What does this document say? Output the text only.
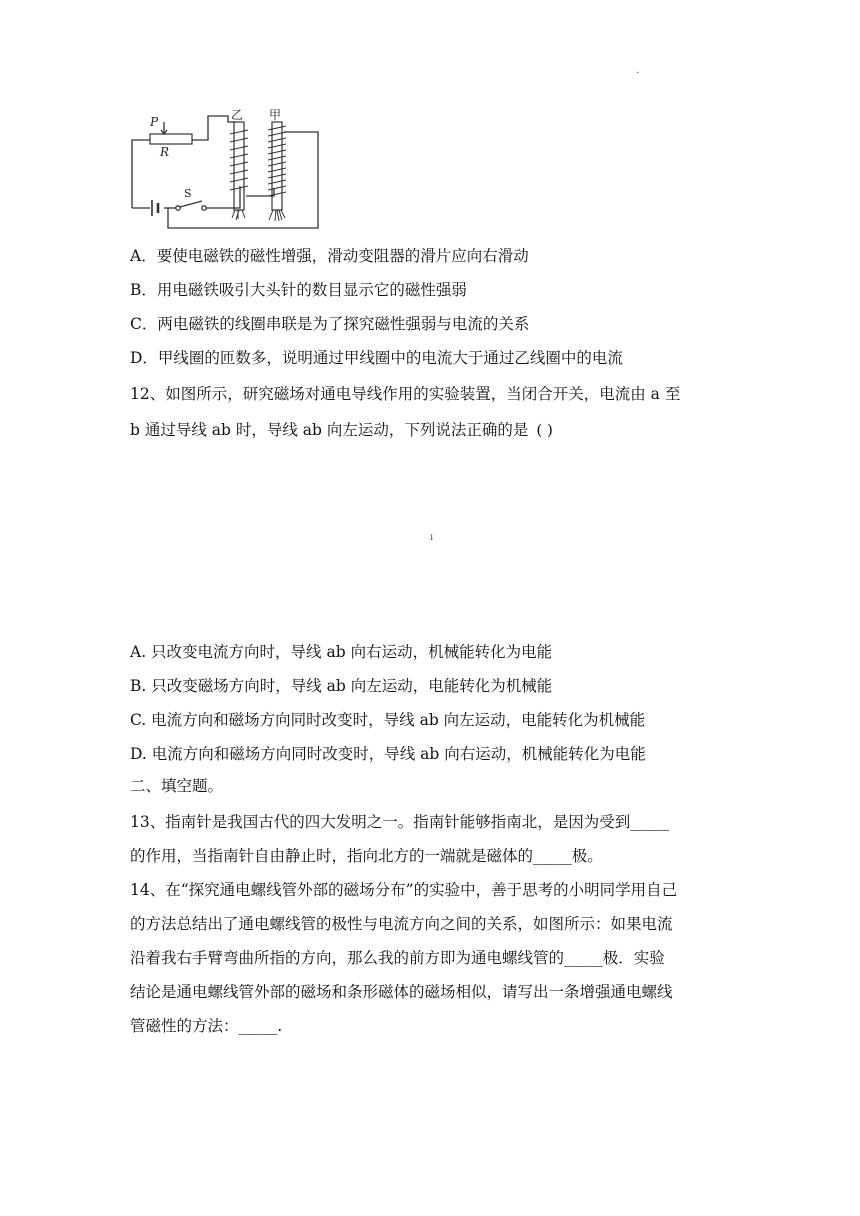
·
P
R
S
乙 甲
A．要使电磁铁的磁性增强，滑动变阻器的滑片应向右滑动
B．用电磁铁吸引大头针的数目显示它的磁性强弱
C．两电磁铁的线圈串联是为了探究磁性强弱与电流的关系
D．甲线圈的匝数多，说明通过甲线圈中的电流大于通过乙线圈中的电流
12、如图所示，研究磁场对通电导线作用的实验装置，当闭合开关，电流由 a 至
b 通过导线 ab 时，导线 ab 向左运动，下列说法正确的是 ( )
ı
A. 只改变电流方向时，导线 ab 向右运动，机械能转化为电能
B. 只改变磁场方向时，导线 ab 向左运动，电能转化为机械能
C. 电流方向和磁场方向同时改变时，导线 ab 向左运动，电能转化为机械能
D. 电流方向和磁场方向同时改变时，导线 ab 向右运动，机械能转化为电能
二、填空题。
13、指南针是我国古代的四大发明之一。指南针能够指南北，是因为受到_____
的作用，当指南针自由静止时，指向北方的一端就是磁体的_____极。
14、在“探究通电螺线管外部的磁场分布”的实验中，善于思考的小明同学用自己
的方法总结出了通电螺线管的极性与电流方向之间的关系，如图所示：如果电流
沿着我右手臂弯曲所指的方向，那么我的前方即为通电螺线管的_____极．实验
结论是通电螺线管外部的磁场和条形磁体的磁场相似，请写出一条增强通电螺线
管磁性的方法：_____.
